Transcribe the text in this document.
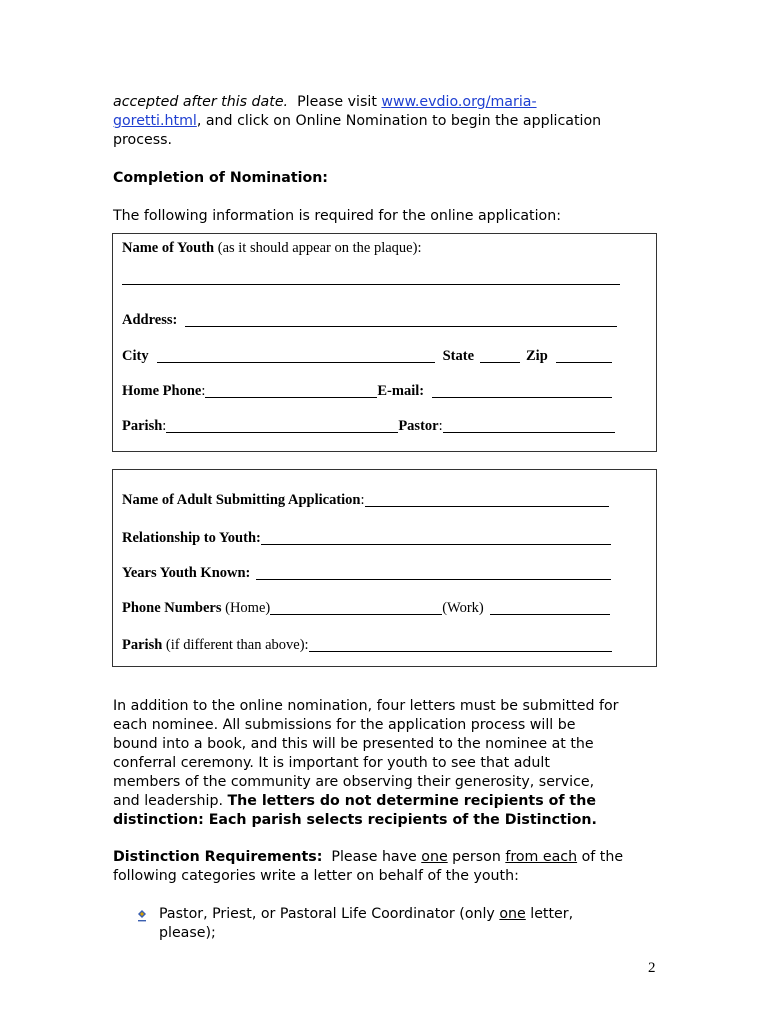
accepted after this date. Please visit www.evdio.org/maria-
goretti.html, and click on Online Nomination to begin the application
process.
Completion of Nomination:
The following information is required for the online application:
Name of Youth
(as it should appear on the plaque):
Address:
City	State	Zip
Home Phone :	E-mail:
Parish :	Pastor :
Name of Adult Submitting Application :
Relationship to Youth:
Years Youth Known:
Phone Numbers
(Home)	(Work)
Parish
(if different than above):
In addition to the online nomination, four letters must be submitted for
each nominee. All submissions for the application process will be
bound into a book, and this will be presented to the nominee at the
conferral ceremony. It is important for youth to see that adult
members of the community are observing their generosity, service,
and leadership. The letters do not determine recipients of the
distinction: Each parish selects recipients of the Distinction.
Distinction Requirements:  Please have one person from each of the
following categories write a letter on behalf of the youth:
Pastor, Priest, or Pastoral Life Coordinator (only one letter,
please);
2
